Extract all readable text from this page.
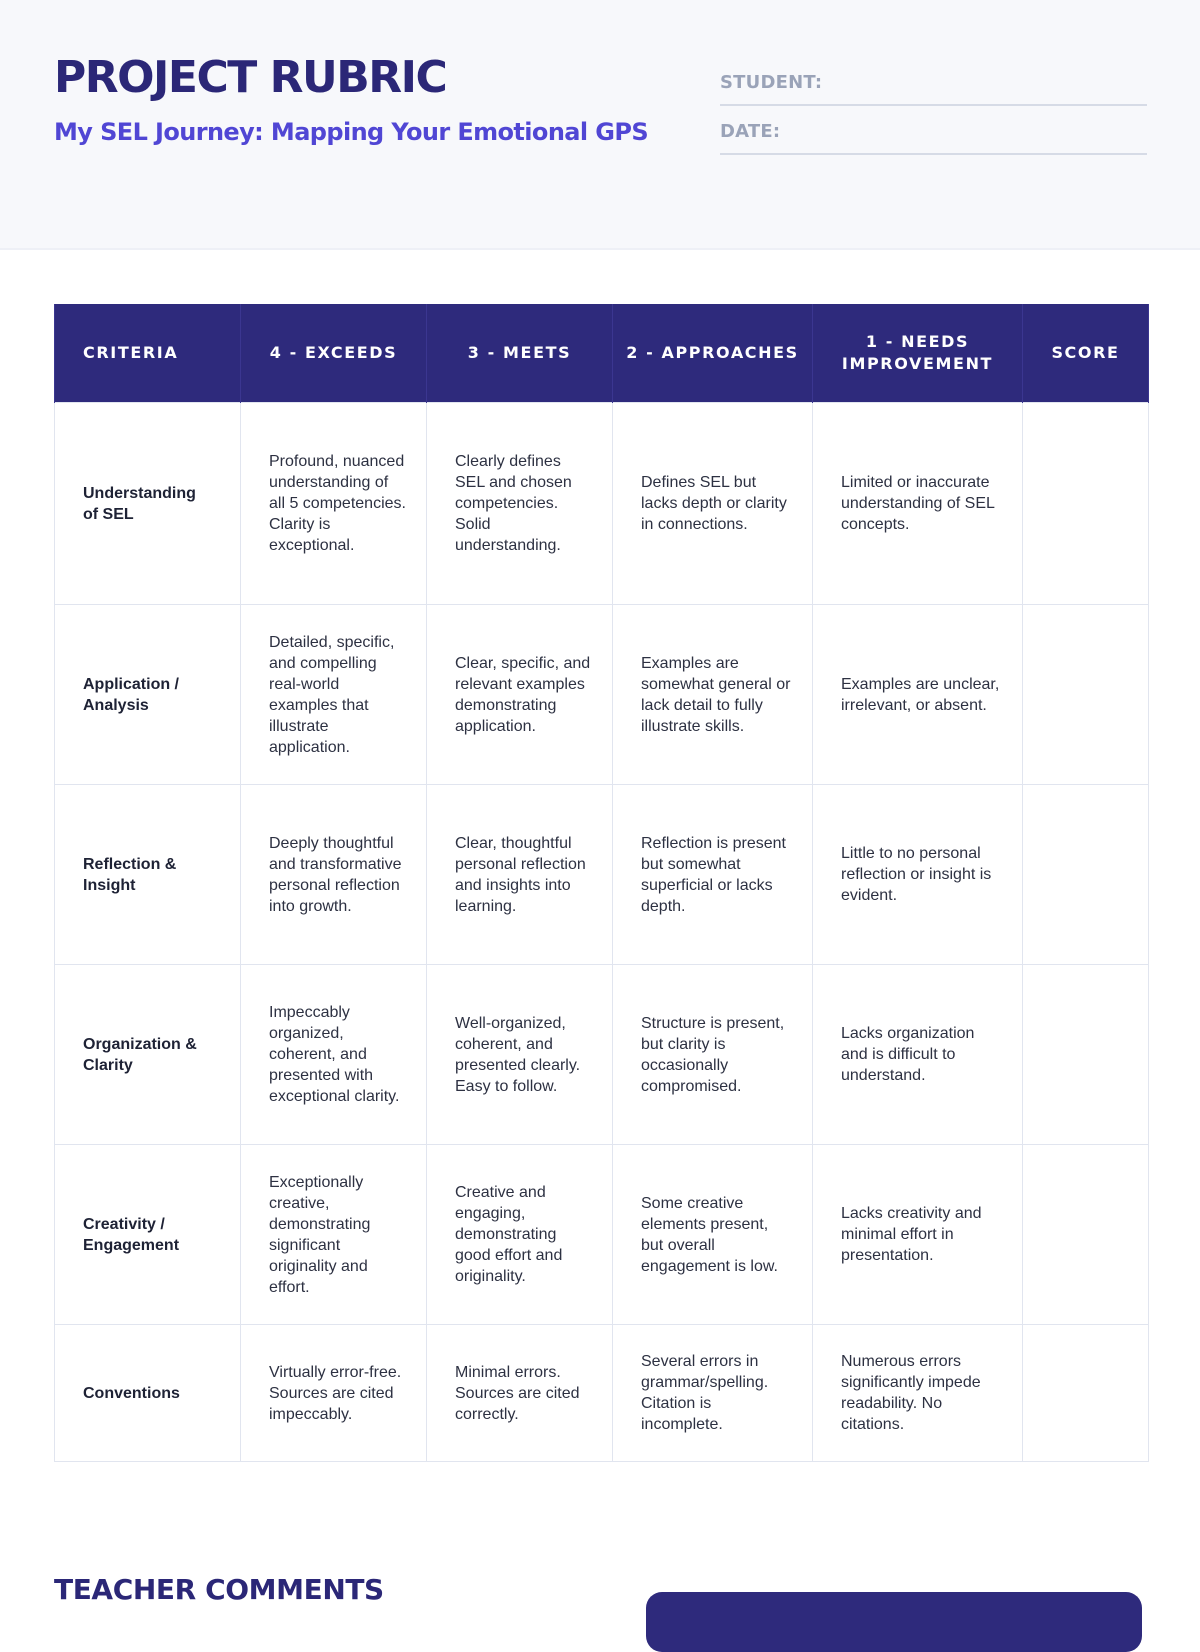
PROJECT RUBRIC
My SEL Journey: Mapping Your Emotional GPS
STUDENT:
DATE:
CRITERIA	4 - EXCEEDS	3 - MEETS	2 - APPROACHES	1 - NEEDS IMPROVEMENT	SCORE
Understanding of SEL	Profound, nuanced understanding of all 5 competencies. Clarity is exceptional.	Clearly defines SEL and chosen competencies. Solid understanding.	Defines SEL but lacks depth or clarity in connections.	Limited or inaccurate understanding of SEL concepts.	
Application / Analysis	Detailed, specific, and compelling real-world examples that illustrate application.	Clear, specific, and relevant examples demonstrating application.	Examples are somewhat general or lack detail to fully illustrate skills.	Examples are unclear, irrelevant, or absent.	
Reflection & Insight	Deeply thoughtful and transformative personal reflection into growth.	Clear, thoughtful personal reflection and insights into learning.	Reflection is present but somewhat superficial or lacks depth.	Little to no personal reflection or insight is evident.	
Organization & Clarity	Impeccably organized, coherent, and presented with exceptional clarity.	Well-organized, coherent, and presented clearly. Easy to follow.	Structure is present, but clarity is occasionally compromised.	Lacks organization and is difficult to understand.	
Creativity / Engagement	Exceptionally creative, demonstrating significant originality and effort.	Creative and engaging, demonstrating good effort and originality.	Some creative elements present, but overall engagement is low.	Lacks creativity and minimal effort in presentation.	
Conventions	Virtually error-free. Sources are cited impeccably.	Minimal errors. Sources are cited correctly.	Several errors in grammar/spelling. Citation is incomplete.	Numerous errors significantly impede readability. No citations.	
TEACHER COMMENTS
